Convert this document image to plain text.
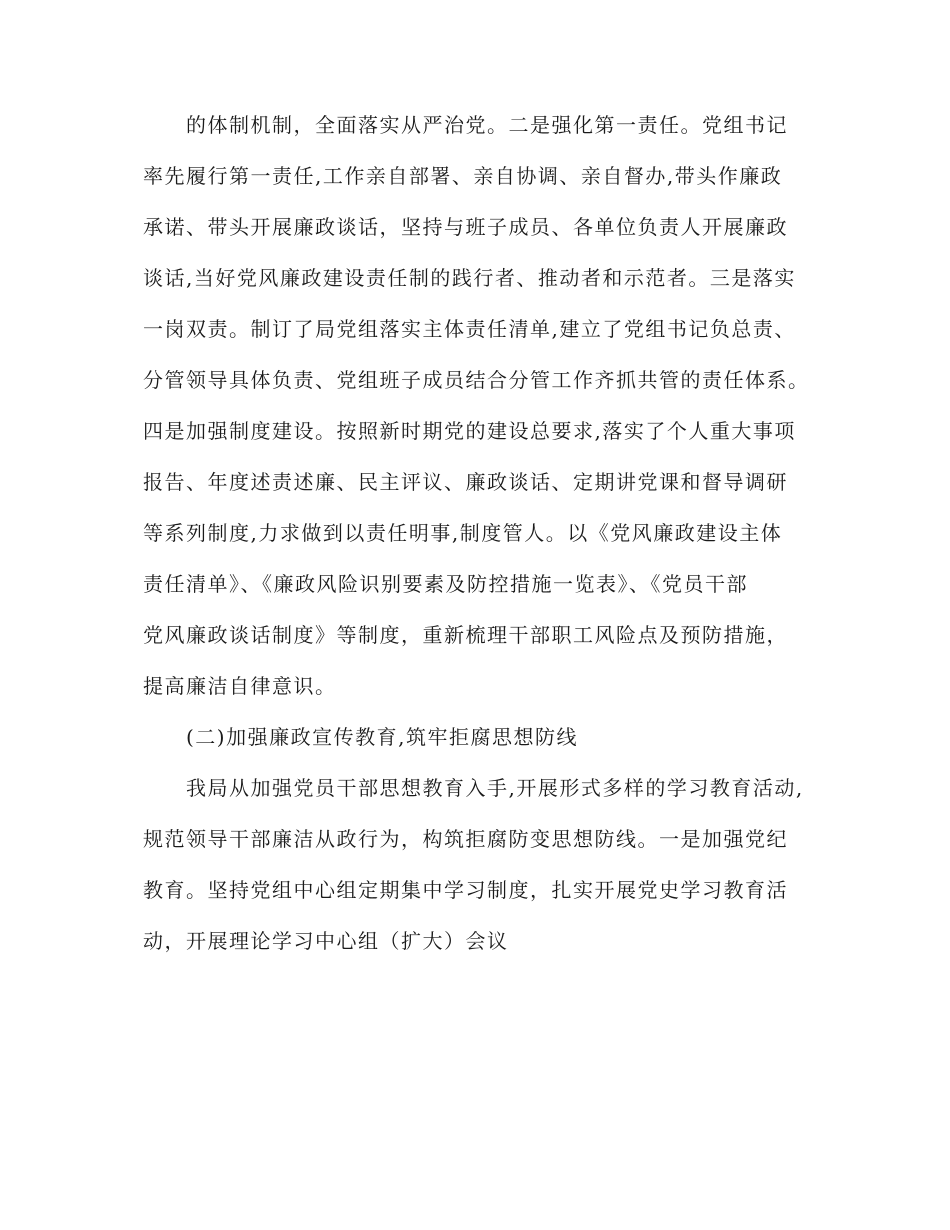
的体制机制，全面落实从严治党。二是强化第一责任。党组书记
率先履行第一责任,工作亲自部署、亲自协调、亲自督办,带头作廉政
承诺、带头开展廉政谈话，坚持与班子成员、各单位负责人开展廉政
谈话,当好党风廉政建设责任制的践行者、推动者和示范者。三是落实
一岗双责。制订了局党组落实主体责任清单,建立了党组书记负总责、
分管领导具体负责、党组班子成员结合分管工作齐抓共管的责任体系。
四是加强制度建设。按照新时期党的建设总要求,落实了个人重大事项
报告、年度述责述廉、民主评议、廉政谈话、定期讲党课和督导调研
等系列制度,力求做到以责任明事,制度管人。以《党风廉政建设主体
责任清单》、《廉政风险识别要素及防控措施一览表》、《党员干部
党风廉政谈话制度》等制度，重新梳理干部职工风险点及预防措施，
提高廉洁自律意识。
(二)加强廉政宣传教育,筑牢拒腐思想防线
我局从加强党员干部思想教育入手,开展形式多样的学习教育活动,
规范领导干部廉洁从政行为，构筑拒腐防变思想防线。一是加强党纪
教育。坚持党组中心组定期集中学习制度，扎实开展党史学习教育活
动，开展理论学习中心组（扩大）会议
